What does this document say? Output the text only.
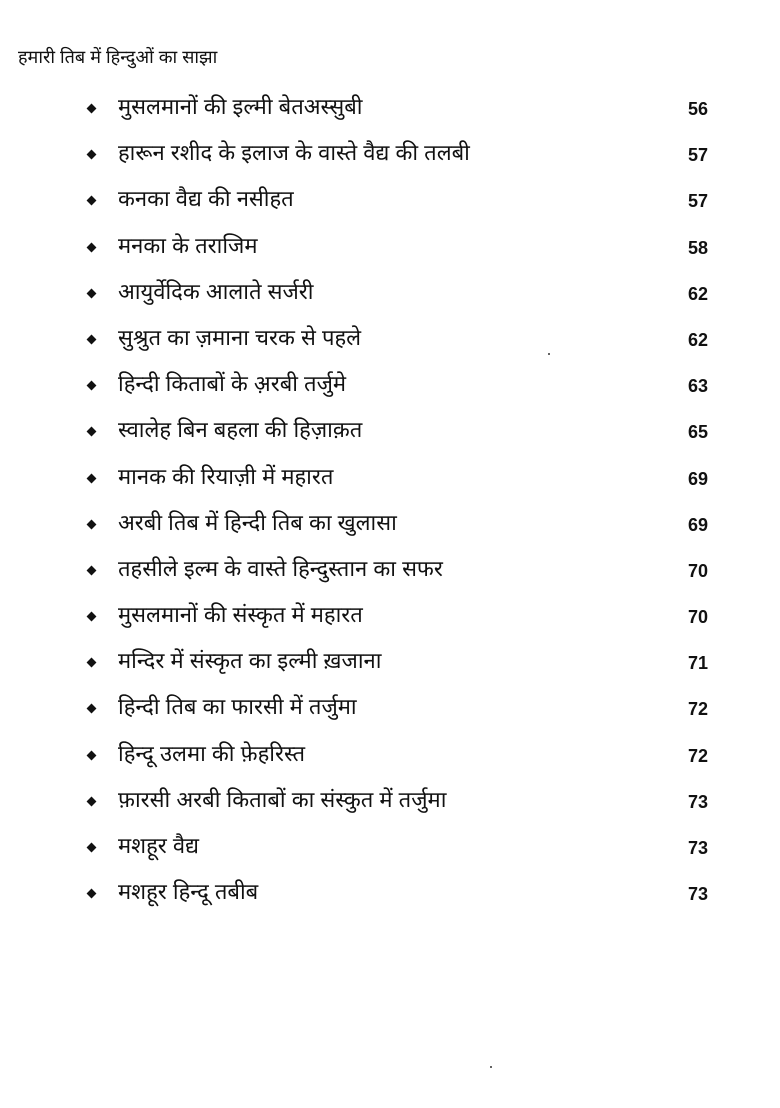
हमारी तिब में हिन्दुओं का साझा
मुसलमानों की इल्मी बेतअस्सुबी	56
हारून रशीद के इलाज के वास्ते वैद्य की तलबी	57
कनका वैद्य की नसीहत	57
मनका के तराजिम	58
आयुर्वेदिक आलाते सर्जरी	62
सुश्रुत का ज़माना चरक से पहले	62
हिन्दी किताबों के अ़रबी तर्जुमे	63
स्वालेह बिन बहला की हिज़ाक़त	65
मानक की रियाज़ी में महारत	69
अरबी तिब में हिन्दी तिब का खुलासा	69
तहसीले इल्म के वास्ते हिन्दुस्तान का सफर	70
मुसलमानों की संस्कृत में महारत	70
मन्दिर में संस्कृत का इल्मी ख़जाना	71
हिन्दी तिब का फारसी में तर्जुमा	72
हिन्दू उलमा की फ़ेहरिस्त	72
फ़ारसी अरबी किताबों का संस्कुत में तर्जुमा	73
मशहूर वैद्य	73
मशहूर हिन्दू तबीब	73
